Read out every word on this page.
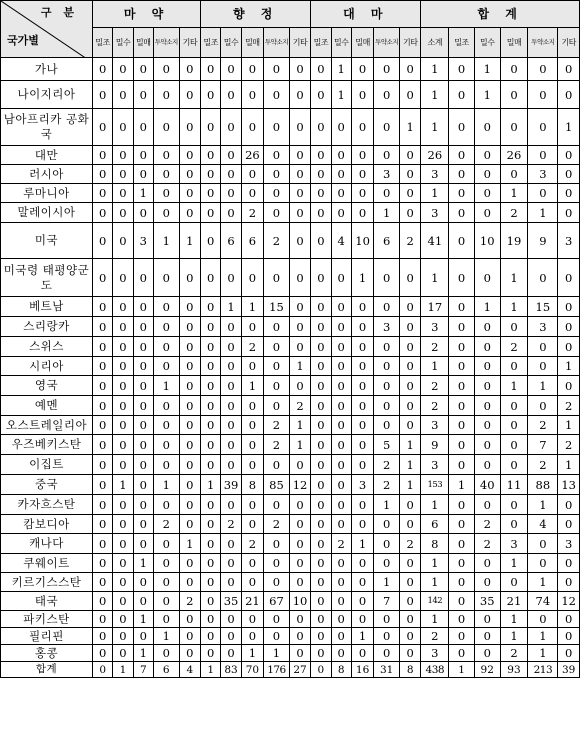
구 분
국가별	마 약					향 정					대 마					합 계					
	밀조	밀수	밀매	투약소지	기타	밀조	밀수	밀매	투약소지	기타	밀조	밀수	밀매	투약소지	기타	소계	밀조	밀수	밀매	투약소지	기타
가나	0	0	0	0	0	0	0	0	0	0	0	1	0	0	0	1	0	1	0	0	0
나이지리아	0	0	0	0	0	0	0	0	0	0	0	1	0	0	0	1	0	1	0	0	0
남아프리카 공화국	0	0	0	0	0	0	0	0	0	0	0	0	0	0	1	1	0	0	0	0	1
대만	0	0	0	0	0	0	0	26	0	0	0	0	0	0	0	26	0	0	26	0	0
러시아	0	0	0	0	0	0	0	0	0	0	0	0	0	3	0	3	0	0	0	3	0
루마니아	0	0	1	0	0	0	0	0	0	0	0	0	0	0	0	1	0	0	1	0	0
말레이시아	0	0	0	0	0	0	0	2	0	0	0	0	0	1	0	3	0	0	2	1	0
미국	0	0	3	1	1	0	6	6	2	0	0	4	10	6	2	41	0	10	19	9	3
미국령 태평양군도	0	0	0	0	0	0	0	0	0	0	0	0	1	0	0	1	0	0	1	0	0
베트남	0	0	0	0	0	0	1	1	15	0	0	0	0	0	0	17	0	1	1	15	0
스리랑카	0	0	0	0	0	0	0	0	0	0	0	0	0	3	0	3	0	0	0	3	0
스위스	0	0	0	0	0	0	0	2	0	0	0	0	0	0	0	2	0	0	2	0	0
시리아	0	0	0	0	0	0	0	0	0	1	0	0	0	0	0	1	0	0	0	0	1
영국	0	0	0	1	0	0	0	1	0	0	0	0	0	0	0	2	0	0	1	1	0
예멘	0	0	0	0	0	0	0	0	0	2	0	0	0	0	0	2	0	0	0	0	2
오스트레일리아	0	0	0	0	0	0	0	0	2	1	0	0	0	0	0	3	0	0	0	2	1
우즈베키스탄	0	0	0	0	0	0	0	0	2	1	0	0	0	5	1	9	0	0	0	7	2
이집트	0	0	0	0	0	0	0	0	0	0	0	0	0	2	1	3	0	0	0	2	1
중국	0	1	0	1	0	1	39	8	85	12	0	0	3	2	1	153	1	40	11	88	13
카자흐스탄	0	0	0	0	0	0	0	0	0	0	0	0	0	1	0	1	0	0	0	1	0
캄보디아	0	0	0	2	0	0	2	0	2	0	0	0	0	0	0	6	0	2	0	4	0
캐나다	0	0	0	0	1	0	0	2	0	0	0	2	1	0	2	8	0	2	3	0	3
쿠웨이트	0	0	1	0	0	0	0	0	0	0	0	0	0	0	0	1	0	0	1	0	0
키르기스스탄	0	0	0	0	0	0	0	0	0	0	0	0	0	1	0	1	0	0	0	1	0
태국	0	0	0	0	2	0	35	21	67	10	0	0	0	7	0	142	0	35	21	74	12
파키스탄	0	0	1	0	0	0	0	0	0	0	0	0	0	0	0	1	0	0	1	0	0
필리핀	0	0	0	1	0	0	0	0	0	0	0	0	1	0	0	2	0	0	1	1	0
홍콩	0	0	1	0	0	0	0	1	1	0	0	0	0	0	0	3	0	0	2	1	0
합계	0	1	7	6	4	1	83	70	176	27	0	8	16	31	8	438	1	92	93	213	39
